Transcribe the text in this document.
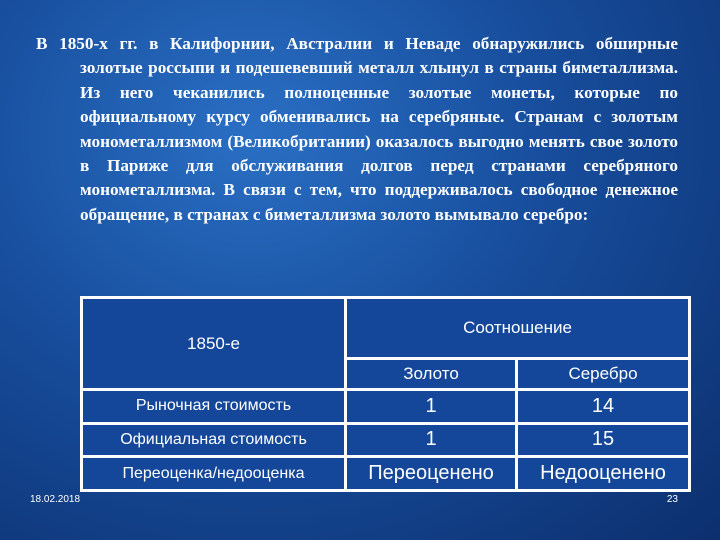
В 1850-х гг. в Калифорнии, Австралии и Неваде обнаружились обширные золотые россыпи и подешевевший металл хлынул в страны биметаллизма. Из него чеканились полноценные золотые монеты, которые по официальному курсу обменивались на серебряные. Странам с золотым монометаллизмом (Великобритании) оказалось выгодно менять свое золото в Париже для обслуживания долгов перед странами серебряного монометаллизма. В связи с тем, что поддерживалось свободное денежное обращение, в странах с биметаллизма золото вымывало серебро:

1850-е	Соотношение	
	Золото	Серебро
Рыночная стоимость	1	14
Официальная стоимость	1	15
Переоценка/недооценка	Переоценено	Недооценено
18.02.2018	23
